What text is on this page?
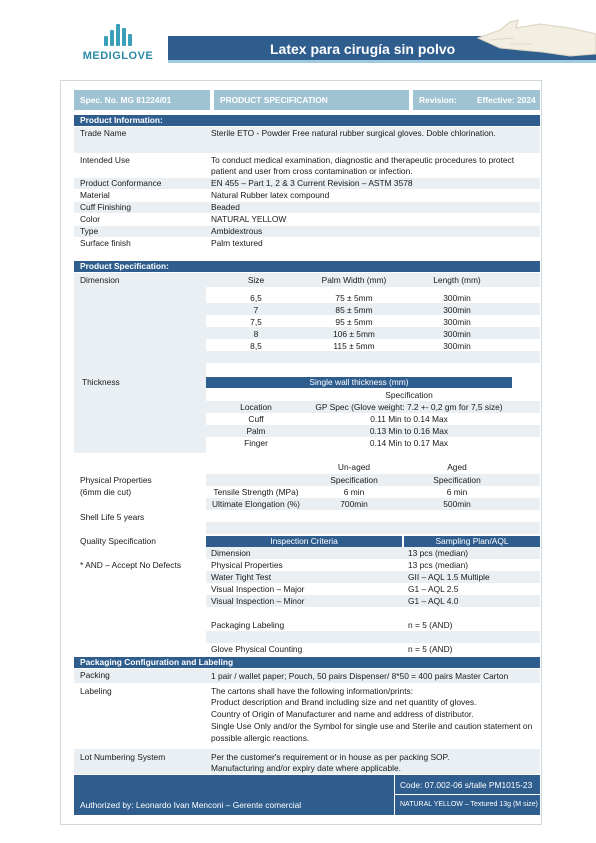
MEDIGLOVE	Latex para cirugía sin polvo
Spec. No. MG 81224/01	PRODUCT SPECIFICATION	Revision:	Effective: 2024
Product Information:
Trade Name	Sterile ETO - Powder Free natural rubber surgical gloves. Doble chlorination.
Intended Use	To conduct medical examination, diagnostic and therapeutic procedures to protect
patient and user from cross contamination or infection.
Product Conformance	EN 455 – Part 1, 2 & 3 Current Revision – ASTM 3578
Material	Natural Rubber latex compound
Cuff Finishing	Beaded
Color	NATURAL YELLOW
Type	Ambidextrous
Surface finish	Palm textured
Product Specification:
Dimension	Size	Palm Width (mm)	Length (mm)
6,5	75 ± 5mm	300min
7	85 ± 5mm	300min
7,5	95 ± 5mm	300min
8	106 ± 5mm	300min
8,5	115 ± 5mm	300min
Thickness	Single wall thickness (mm)
Specification
Location	GP Spec (Glove weight: 7.2 +- 0,2 gm for 7,5 size)
Cuff	0.11 Min to 0.14 Max
Palm	0.13 Min to 0.16 Max
Finger	0.14 Min to 0.17 Max
Physical Properties
(6mm die cut)
Un-aged	Aged
Specification	Specification
Tensile Strength (MPa)	6 min	6 min
Ultimate Elongation (%)	700min	500min
Shell Life 5 years
Quality Specification
* AND – Accept No Defects
Inspection Criteria	Sampling Plan/AQL
Dimension	13 pcs (median)
Physical Properties	13 pcs (median)
Water Tight Test	GII – AQL 1.5 Multiple
Visual Inspection – Major	G1 – AQL 2.5
Visual Inspection – Minor	G1 – AQL 4.0
Packaging Labeling	n = 5 (AND)
Glove Physical Counting	n = 5 (AND)
Packaging Configuration and Labeling
Packing	1 pair / wallet paper; Pouch, 50 pairs Dispenser/ 8*50 = 400 pairs Master Carton
Labeling	The cartons shall have the following information/prints:
Product description and Brand including size and net quantity of gloves.
Country of Origin of Manufacturer and name and address of distributor.
Single Use Only and/or the Symbol for single use and Sterile and caution statement on
possible allergic reactions.
Lot Numbering System	Per the customer's requirement or in house as per packing SOP.
Manufacturing and/or expiry date where applicable.
Authorized by: Leonardo Ivan Menconi – Gerente comercial
Code: 07.002-06 s/talle PM1015-23
NATURAL YELLOW – Textured 13g (M size)
